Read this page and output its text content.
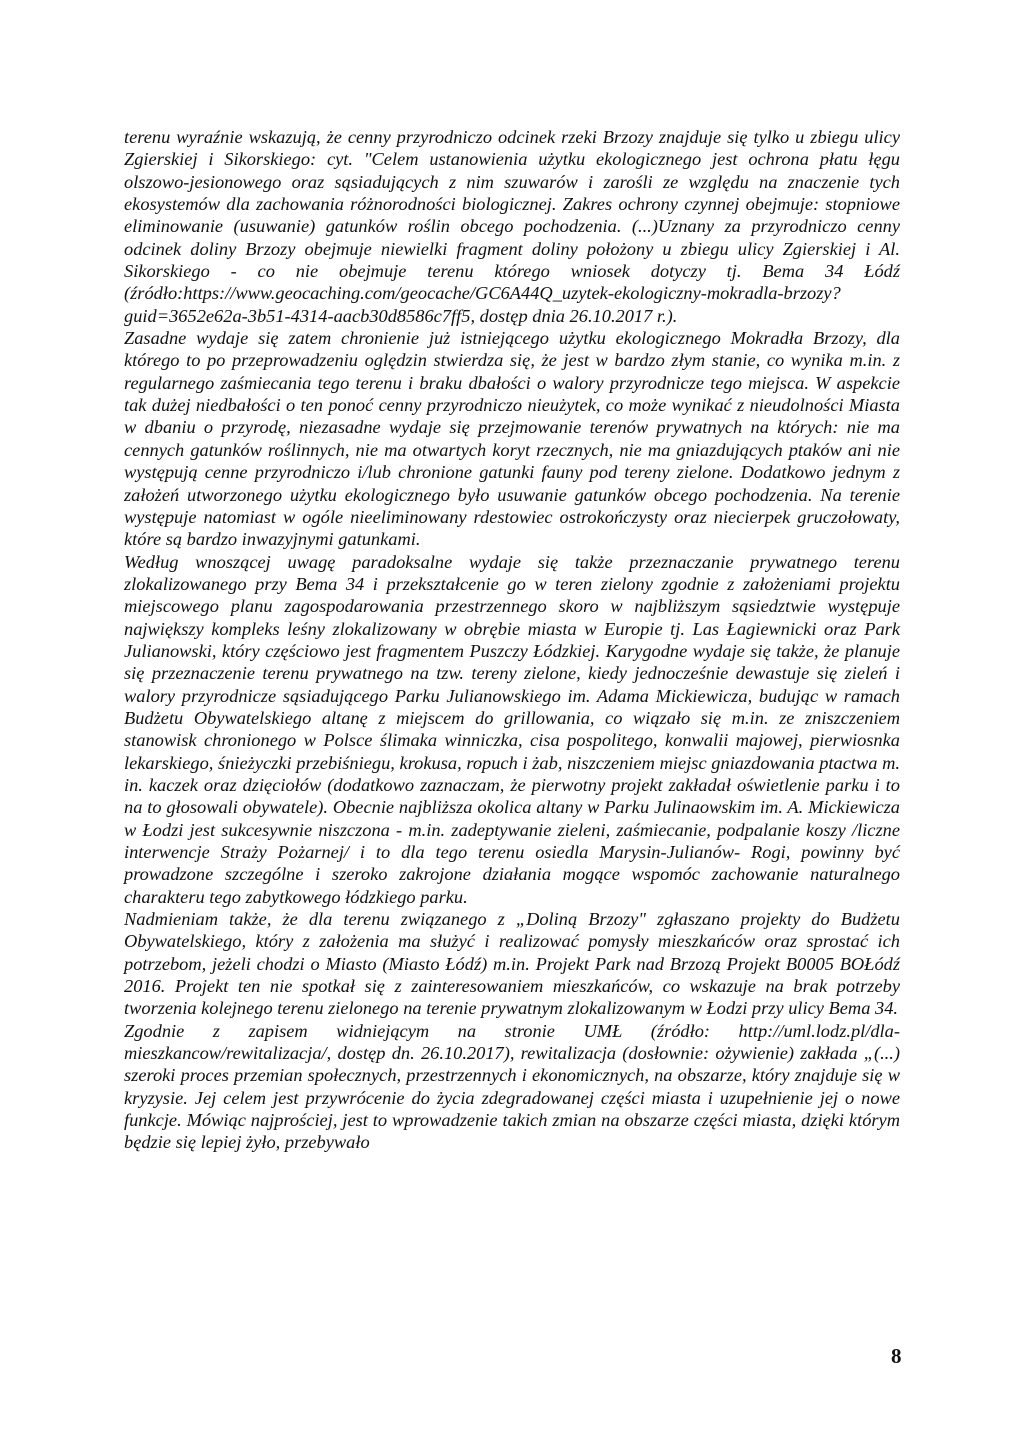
terenu wyraźnie wskazują, że cenny przyrodniczo odcinek rzeki Brzozy znajduje się tylko u zbiegu ulicy Zgierskiej i Sikorskiego: cyt. "Celem ustanowienia użytku ekologicznego jest ochrona płatu łęgu olszowo-jesionowego oraz sąsiadujących z nim szuwarów i zarośli ze względu na znaczenie tych ekosystemów dla zachowania różnorodności biologicznej. Zakres ochrony czynnej obejmuje: stopniowe eliminowanie (usuwanie) gatunków roślin obcego pochodzenia. (...)Uznany za przyrodniczo cenny odcinek doliny Brzozy obejmuje niewielki fragment doliny położony u zbiegu ulicy Zgierskiej i Al. Sikorskiego - co nie obejmuje terenu którego wniosek dotyczy tj. Bema 34 Łódź (źródło:https://www.geocaching.com/geocache/GC6A44Q_uzytek-ekologiczny-mokradla-brzozy?guid=3652e62a-3b51-4314-aacb30d8586c7ff5, dostęp dnia 26.10.2017 r.).

Zasadne wydaje się zatem chronienie już istniejącego użytku ekologicznego Mokradła Brzozy, dla którego to po przeprowadzeniu oględzin stwierdza się, że jest w bardzo złym stanie, co wynika m.in. z regularnego zaśmiecania tego terenu i braku dbałości o walory przyrodnicze tego miejsca. W aspekcie tak dużej niedbałości o ten ponoć cenny przyrodniczo nieużytek, co może wynikać z nieudolności Miasta w dbaniu o przyrodę, niezasadne wydaje się przejmowanie terenów prywatnych na których: nie ma cennych gatunków roślinnych, nie ma otwartych koryt rzecznych, nie ma gniazdujących ptaków ani nie występują cenne przyrodniczo i/lub chronione gatunki fauny pod tereny zielone. Dodatkowo jednym z założeń utworzonego użytku ekologicznego było usuwanie gatunków obcego pochodzenia. Na terenie występuje natomiast w ogóle nieeliminowany rdestowiec ostrokończysty oraz niecierpek gruczołowaty, które są bardzo inwazyjnymi gatunkami.

Według wnoszącej uwagę paradoksalne wydaje się także przeznaczanie prywatnego terenu zlokalizowanego przy Bema 34 i przekształcenie go w teren zielony zgodnie z założeniami projektu miejscowego planu zagospodarowania przestrzennego skoro w najbliższym sąsiedztwie występuje największy kompleks leśny zlokalizowany w obrębie miasta w Europie tj. Las Łagiewnicki oraz Park Julianowski, który częściowo jest fragmentem Puszczy Łódzkiej. Karygodne wydaje się także, że planuje się przeznaczenie terenu prywatnego na tzw. tereny zielone, kiedy jednocześnie dewastuje się zieleń i walory przyrodnicze sąsiadującego Parku Julianowskiego im. Adama Mickiewicza, budując w ramach Budżetu Obywatelskiego altanę z miejscem do grillowania, co wiązało się m.in. ze zniszczeniem stanowisk chronionego w Polsce ślimaka winniczka, cisa pospolitego, konwalii majowej, pierwiosnka lekarskiego, śnieżyczki przebiśniegu, krokusa, ropuch i żab, niszczeniem miejsc gniazdowania ptactwa m. in. kaczek oraz dzięciołów (dodatkowo zaznaczam, że pierwotny projekt zakładał oświetlenie parku i to na to głosowali obywatele). Obecnie najbliższa okolica altany w Parku Julinaowskim im. A. Mickiewicza w Łodzi jest sukcesywnie niszczona - m.in. zadeptywanie zieleni, zaśmiecanie, podpalanie koszy /liczne interwencje Straży Pożarnej/ i to dla tego terenu osiedla Marysin-Julianów- Rogi, powinny być prowadzone szczególne i szeroko zakrojone działania mogące wspomóc zachowanie naturalnego charakteru tego zabytkowego łódzkiego parku.

Nadmieniam także, że dla terenu związanego z „Doliną Brzozy" zgłaszano projekty do Budżetu Obywatelskiego, który z założenia ma służyć i realizować pomysły mieszkańców oraz sprostać ich potrzebom, jeżeli chodzi o Miasto (Miasto Łódź) m.in. Projekt Park nad Brzozą Projekt B0005 BOŁódź 2016. Projekt ten nie spotkał się z zainteresowaniem mieszkańców, co wskazuje na brak potrzeby tworzenia kolejnego terenu zielonego na terenie prywatnym zlokalizowanym w Łodzi przy ulicy Bema 34.

Zgodnie z zapisem widniejącym na stronie UMŁ (źródło: http://uml.lodz.pl/dla-mieszkancow/rewitalizacja/, dostęp dn. 26.10.2017), rewitalizacja (dosłownie: ożywienie) zakłada „(...) szeroki proces przemian społecznych, przestrzennych i ekonomicznych, na obszarze, który znajduje się w kryzysie. Jej celem jest przywrócenie do życia zdegradowanej części miasta i uzupełnienie jej o nowe funkcje. Mówiąc najprościej, jest to wprowadzenie takich zmian na obszarze części miasta, dzięki którym będzie się lepiej żyło, przebywało

8
